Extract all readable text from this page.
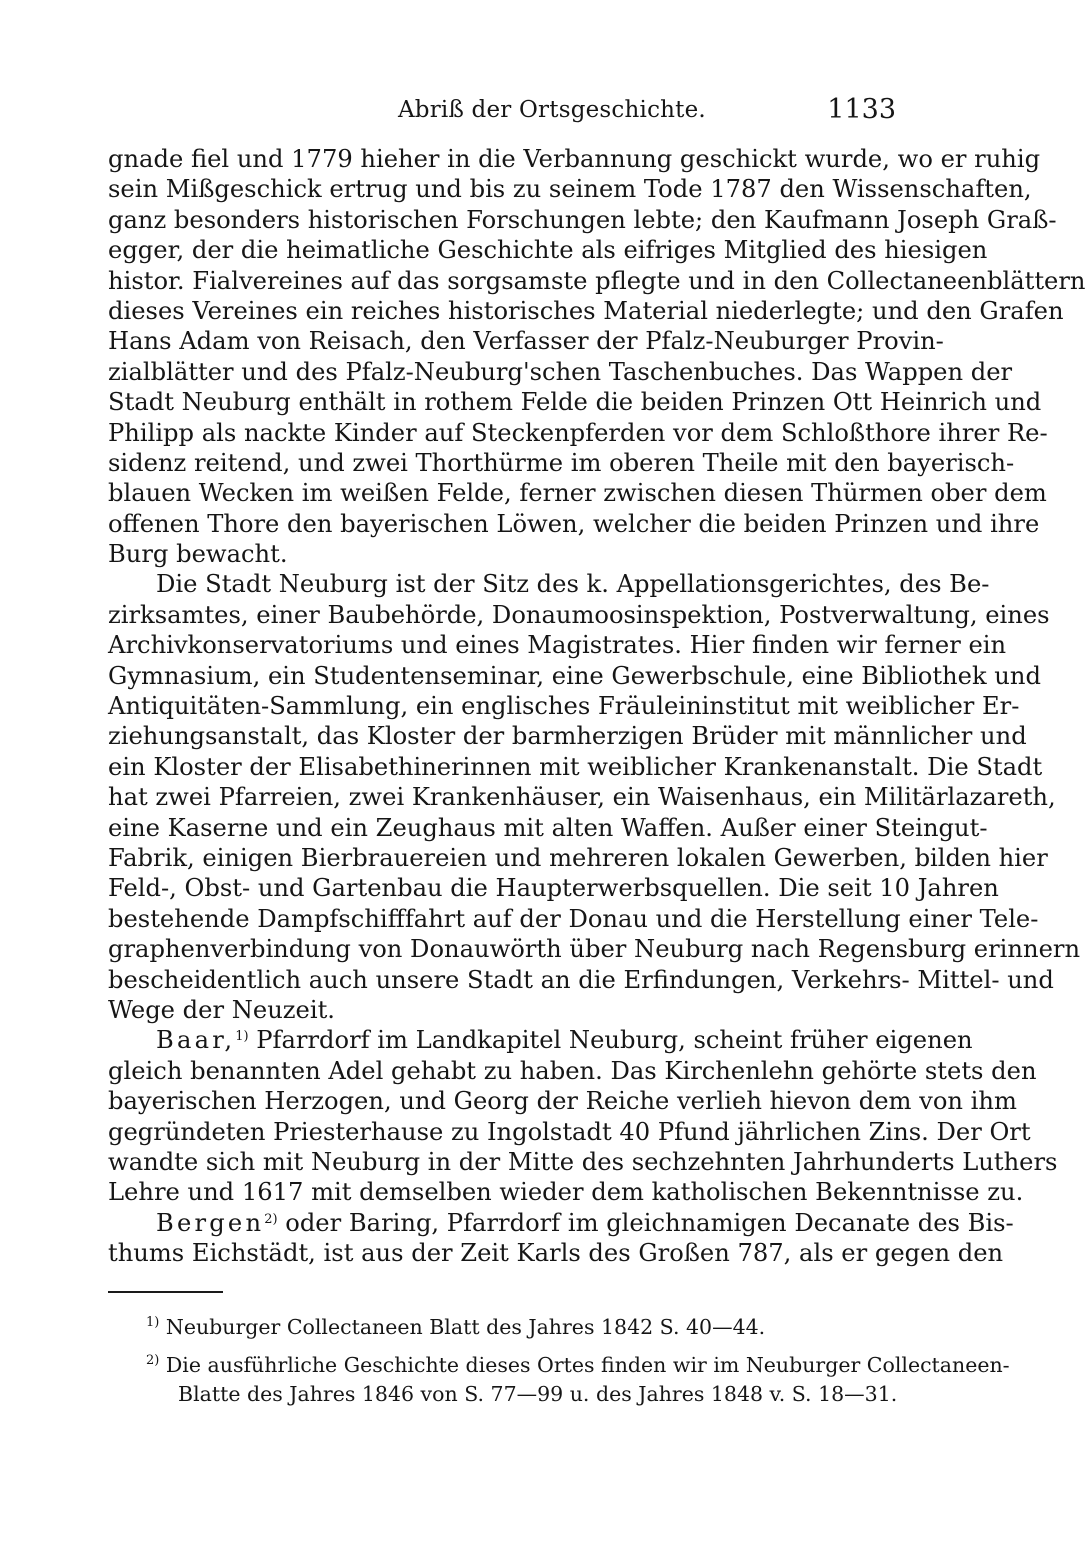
Abriß der Ortsgeschichte.	1133
gnade fiel und 1779 hieher in die Verbannung geschickt wurde, wo er ruhig
sein Mißgeschick ertrug und bis zu seinem Tode 1787 den Wissenschaften,
ganz besonders historischen Forschungen lebte; den Kaufmann Joseph Graß-
egger, der die heimatliche Geschichte als eifriges Mitglied des hiesigen
histor. Fialvereines auf das sorgsamste pflegte und in den Collectaneenblättern
dieses Vereines ein reiches historisches Material niederlegte; und den Grafen
Hans Adam von Reisach, den Verfasser der Pfalz-Neuburger Provin-
zialblätter und des Pfalz-Neuburg'schen Taschenbuches. Das Wappen der
Stadt Neuburg enthält in rothem Felde die beiden Prinzen Ott Heinrich und
Philipp als nackte Kinder auf Steckenpferden vor dem Schloßthore ihrer Re-
sidenz reitend, und zwei Thorthürme im oberen Theile mit den bayerisch-
blauen Wecken im weißen Felde, ferner zwischen diesen Thürmen ober dem
offenen Thore den bayerischen Löwen, welcher die beiden Prinzen und ihre
Burg bewacht.
Die Stadt Neuburg ist der Sitz des k. Appellationsgerichtes, des Be-
zirksamtes, einer Baubehörde, Donaumoosinspektion, Postverwaltung, eines
Archivkonservatoriums und eines Magistrates. Hier finden wir ferner ein
Gymnasium, ein Studentenseminar, eine Gewerbschule, eine Bibliothek und
Antiquitäten-Sammlung, ein englisches Fräuleininstitut mit weiblicher Er-
ziehungsanstalt, das Kloster der barmherzigen Brüder mit männlicher und
ein Kloster der Elisabethinerinnen mit weiblicher Krankenanstalt. Die Stadt
hat zwei Pfarreien, zwei Krankenhäuser, ein Waisenhaus, ein Militärlazareth,
eine Kaserne und ein Zeughaus mit alten Waffen. Außer einer Steingut-
Fabrik, einigen Bierbrauereien und mehreren lokalen Gewerben, bilden hier
Feld-, Obst- und Gartenbau die Haupterwerbsquellen. Die seit 10 Jahren
bestehende Dampfschifffahrt auf der Donau und die Herstellung einer Tele-
graphenverbindung von Donauwörth über Neuburg nach Regensburg erinnern
bescheidentlich auch unsere Stadt an die Erfindungen, Verkehrs- Mittel- und
Wege der Neuzeit.
Baar,$^{1)}$ Pfarrdorf im Landkapitel Neuburg, scheint früher eigenen
gleich benannten Adel gehabt zu haben. Das Kirchenlehn gehörte stets den
bayerischen Herzogen, und Georg der Reiche verlieh hievon dem von ihm
gegründeten Priesterhause zu Ingolstadt 40 Pfund jährlichen Zins. Der Ort
wandte sich mit Neuburg in der Mitte des sechzehnten Jahrhunderts Luthers
Lehre und 1617 mit demselben wieder dem katholischen Bekenntnisse zu.
Bergen$^{2)}$ oder Baring, Pfarrdorf im gleichnamigen Decanate des Bis-
thums Eichstädt, ist aus der Zeit Karls des Großen 787, als er gegen den
$^{1)}$ Neuburger Collectaneen Blatt des Jahres 1842 S. 40—44.
$^{2)}$ Die ausführliche Geschichte dieses Ortes finden wir im Neuburger Collectaneen-
Blatte des Jahres 1846 von S. 77—99 u. des Jahres 1848 v. S. 18—31.
